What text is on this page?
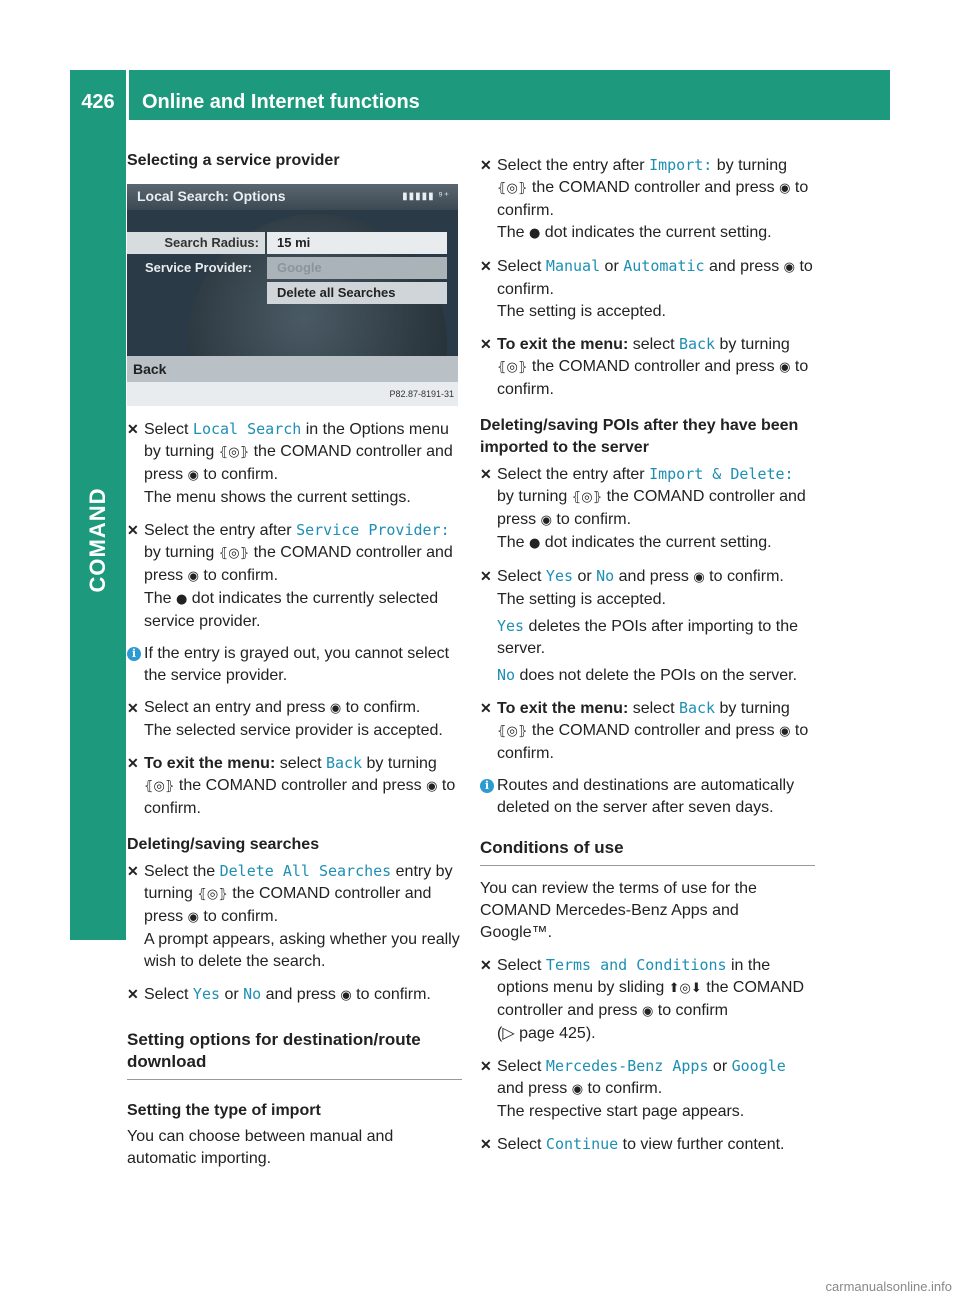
426	Online and Internet functions
COMAND
Selecting a service provider
Local Search: Options	▮▮▮▮▮ ⁹⁺
Search Radius:	15 mi
Service Provider:	Google
Delete all Searches
Back
P82.87-8191-31
✕ Select Local Search in the Options menu by turning ⦃◎⦄ the COMAND controller and press ◉ to confirm.
The menu shows the current settings.
✕ Select the entry after Service Provider: by turning ⦃◎⦄ the COMAND controller and press ◉ to confirm.
The ● dot indicates the currently selected service provider.
i If the entry is grayed out, you cannot select the service provider.
✕ Select an entry and press ◉ to confirm.
The selected service provider is accepted.
✕ To exit the menu: select Back by turning
⦃◎⦄ the COMAND controller and press ◉ to confirm.
Deleting/saving searches
✕ Select the Delete All Searches entry by turning ⦃◎⦄ the COMAND controller and press ◉ to confirm.
A prompt appears, asking whether you really wish to delete the search.
✕ Select Yes or No and press ◉ to confirm.
Setting options for destination/route download
Setting the type of import

You can choose between manual and automatic importing.

✕ Select the entry after Import: by turning
⦃◎⦄ the COMAND controller and press ◉ to confirm.
The ● dot indicates the current setting.
✕ Select Manual or Automatic and press ◉ to confirm.
The setting is accepted.
✕ To exit the menu: select Back by turning
⦃◎⦄ the COMAND controller and press ◉ to confirm.
Deleting/saving POIs after they have been imported to the server
✕ Select the entry after Import & Delete:
by turning ⦃◎⦄ the COMAND controller and press ◉ to confirm.
The ● dot indicates the current setting.
✕ Select Yes or No and press ◉ to confirm.
The setting is accepted.

Yes deletes the POIs after importing to the server.

No does not delete the POIs on the server.

✕ To exit the menu: select Back by turning
⦃◎⦄ the COMAND controller and press ◉ to confirm.
i Routes and destinations are automatically deleted on the server after seven days.
Conditions of use

You can review the terms of use for the COMAND Mercedes-Benz Apps and Google™.

✕ Select Terms and Conditions in the options menu by sliding ⬆◎⬇ the COMAND controller and press ◉ to confirm
(▷ page 425).
✕ Select Mercedes-Benz Apps or Google
and press ◉ to confirm.
The respective start page appears.
✕ Select Continue to view further content.
carmanualsonline.info
